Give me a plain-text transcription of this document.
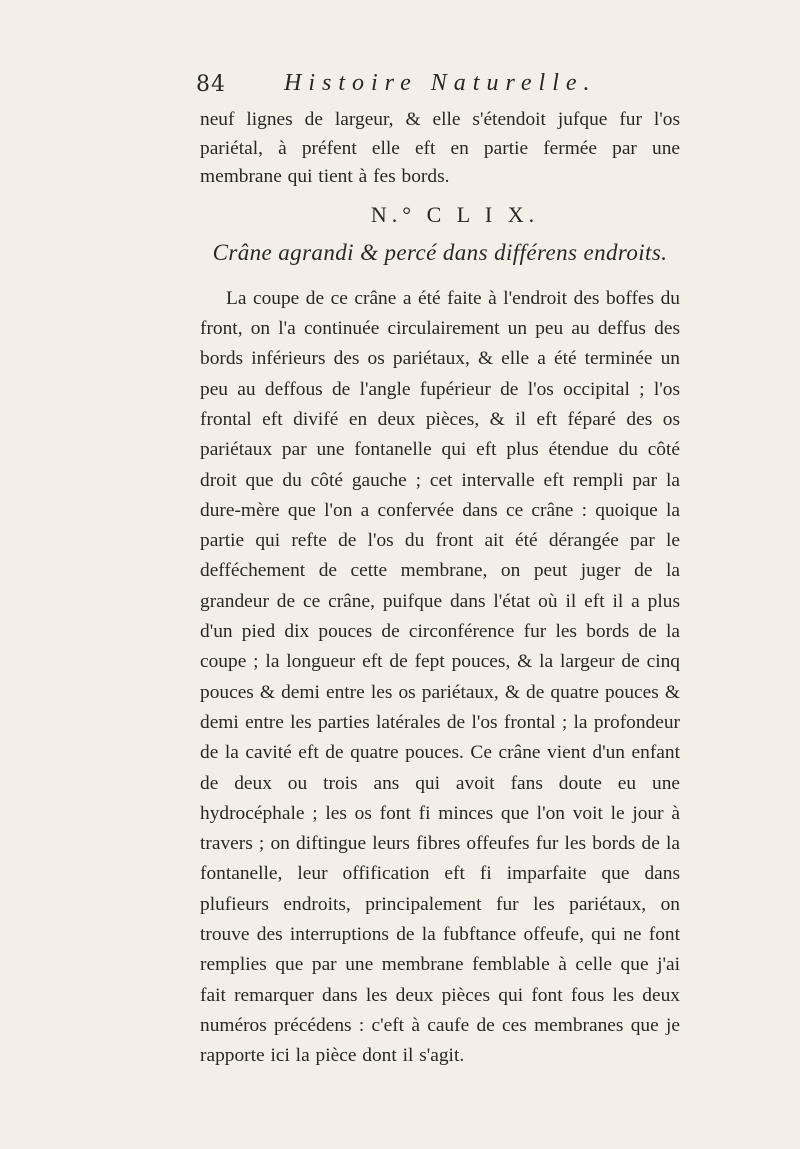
84 Histoire Naturelle.

neuf lignes de largeur, & elle s'étendoit jufque fur l'os pariétal, à préfent elle eft en partie fermée par une membrane qui tient à fes bords.

N.° C L I X.
Crâne agrandi & percé dans différens endroits.

La coupe de ce crâne a été faite à l'endroit des boffes du front, on l'a continuée circulairement un peu au deffus des bords inférieurs des os pariétaux, & elle a été terminée un peu au deffous de l'angle fupérieur de l'os occipital ; l'os frontal eft divifé en deux pièces, & il eft féparé des os pariétaux par une fontanelle qui eft plus étendue du côté droit que du côté gauche ; cet intervalle eft rempli par la dure-mère que l'on a confervée dans ce crâne : quoique la partie qui refte de l'os du front ait été dérangée par le defféchement de cette membrane, on peut juger de la grandeur de ce crâne, puifque dans l'état où il eft il a plus d'un pied dix pouces de circonférence fur les bords de la coupe ; la longueur eft de fept pouces, & la largeur de cinq pouces & demi entre les os pariétaux, & de quatre pouces & demi entre les parties latérales de l'os frontal ; la profondeur de la cavité eft de quatre pouces. Ce crâne vient d'un enfant de deux ou trois ans qui avoit fans doute eu une hydrocéphale ; les os font fi minces que l'on voit le jour à travers ; on diftingue leurs fibres offeufes fur les bords de la fontanelle, leur offification eft fi imparfaite que dans plufieurs endroits, principalement fur les pariétaux, on trouve des interruptions de la fubftance offeufe, qui ne font remplies que par une membrane femblable à celle que j'ai fait remarquer dans les deux pièces qui font fous les deux numéros précédens : c'eft à caufe de ces membranes que je rapporte ici la pièce dont il s'agit.
